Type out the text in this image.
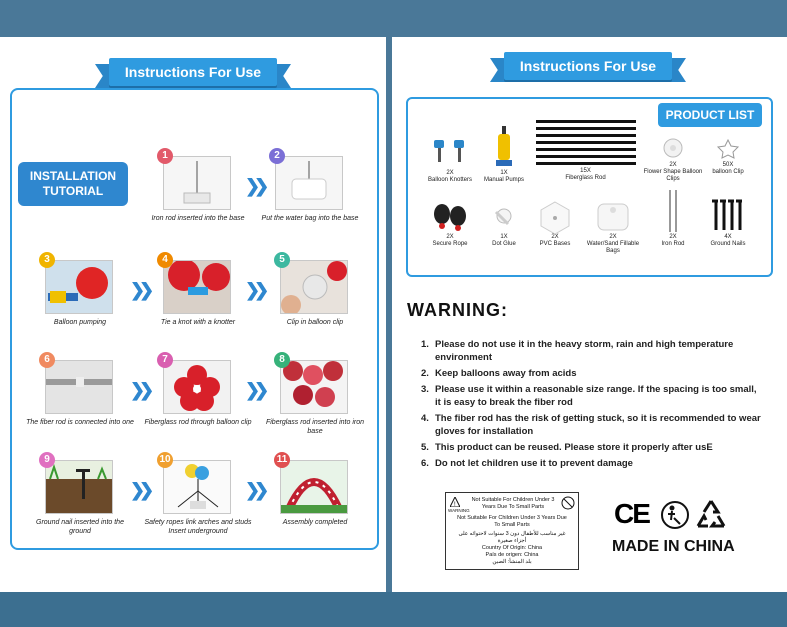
Instructions For Use
INSTALLATION TUTORIAL
1
Iron rod inserted into the base
❯❯
2
Put the water bag into the base
3
Balloon pumping
❯❯
4
Tie a knot with a knotter
❯❯
5
Clip in balloon clip
6
The fiber rod is connected into one
❯❯
7
Fiberglass rod through balloon clip
❯❯
8
Fiberglass rod inserted into iron base
9
Ground nail inserted into the ground
❯❯
10
Safety ropes link arches and studs Insert underground
❯❯
11
Assembly completed
Instructions For Use
PRODUCT LIST
2X
Balloon Knotters
1X
Manual Pumps
15X
Fiberglass Rod
2X
Flower Shape Balloon Clips
50X
balloon Clip
2X
Secure Rope
1X
Dot Glue
2X
PVC Bases
2X
Water/Sand Fillable Bags
2X
Iron Rod
4X
Ground Nails
WARNING:
1. Please do not use it in the heavy storm, rain and high temperature environment
2. Keep balloons away from acids
3. Please use it within a reasonable size range. If the spacing is too small, it is easy to break the fiber rod
4. The fiber rod has the risk of getting stuck, so it is recommended to wear gloves for installation
5. This product can be reused. Please store it properly after usE
6. Do not let children use it to prevent damage
!
WARNING
Not Suitable For Children Under 3 Years Due To Small Parts
Not Suitable For Children Under 3 Years Due To Small Parts
غير مناسب للأطفال دون 3 سنوات لاحتوائه على أجزاء صغيرة
Country Of Origin: China
País de origen: China
بلد المنشأ: الصين
CE
MADE IN CHINA
